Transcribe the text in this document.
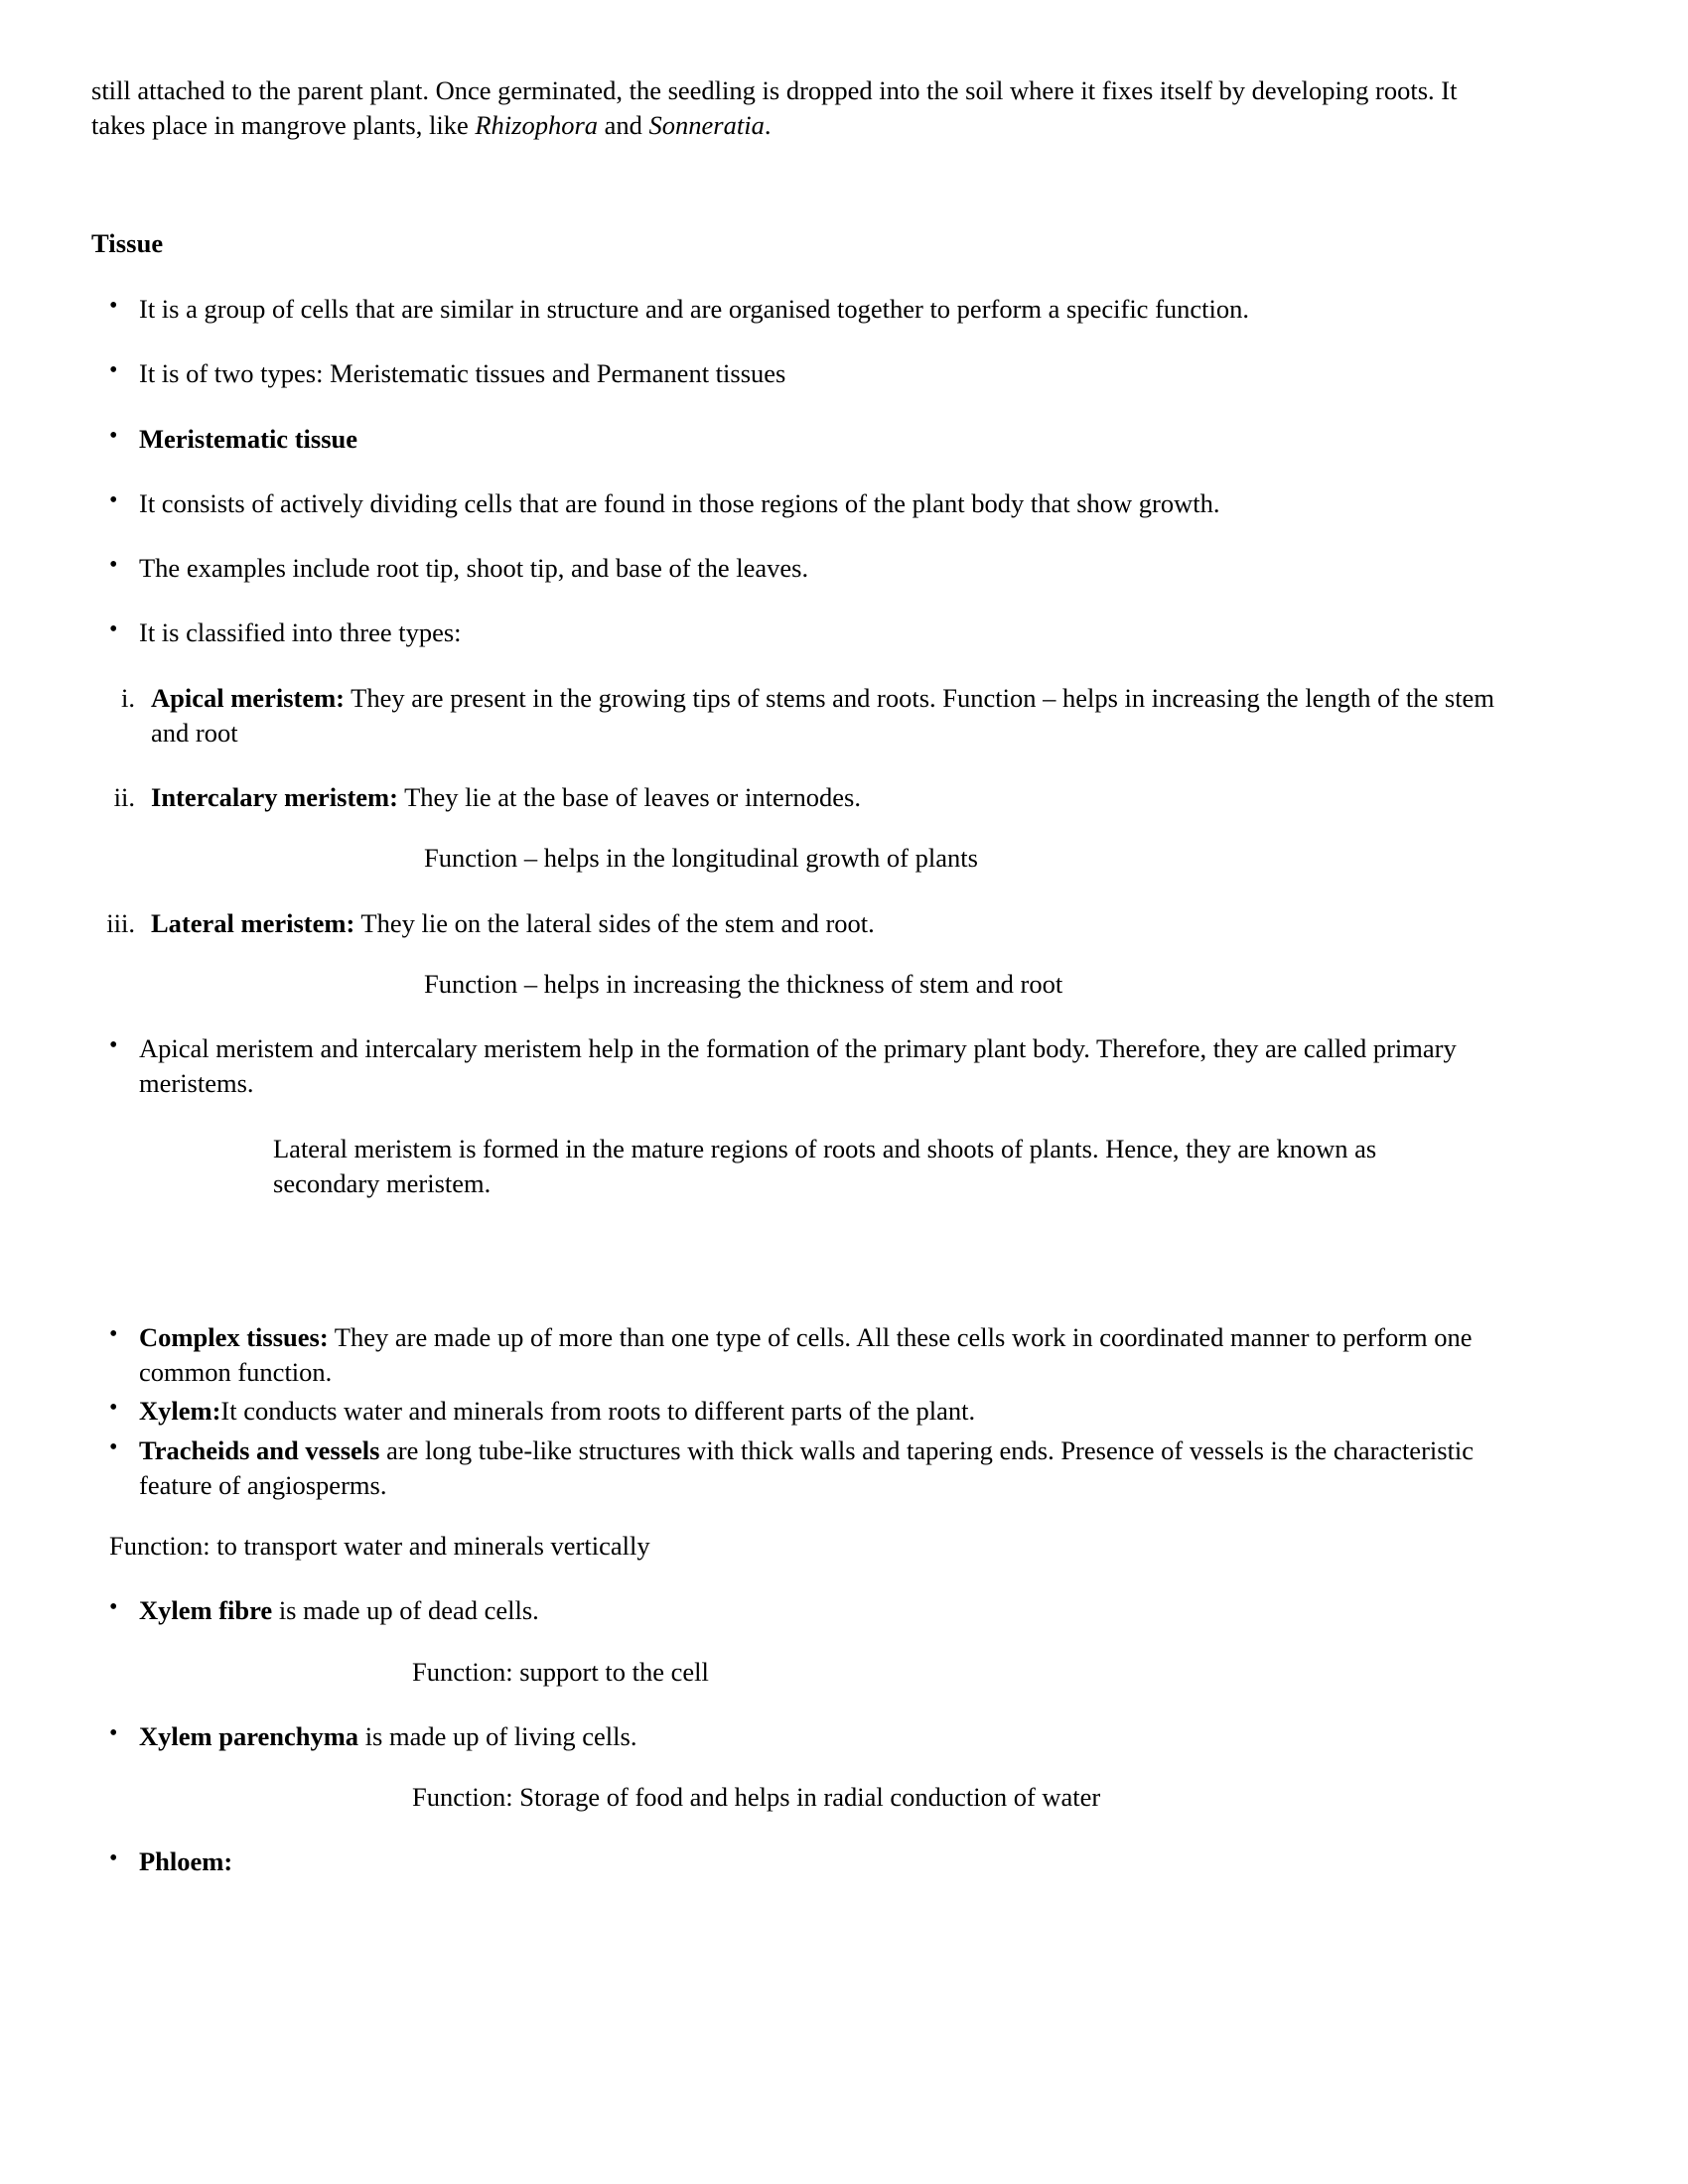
still attached to the parent plant. Once germinated, the seedling is dropped into the soil where it fixes itself by developing roots. It takes place in mangrove plants, like Rhizophora and Sonneratia.

Tissue
• It is a group of cells that are similar in structure and are organised together to perform a specific function.
• It is of two types: Meristematic tissues and Permanent tissues
• Meristematic tissue
• It consists of actively dividing cells that are found in those regions of the plant body that show growth.
• The examples include root tip, shoot tip, and base of the leaves.
• It is classified into three types:
i. Apical meristem: They are present in the growing tips of stems and roots. Function – helps in increasing the length of the stem and root
ii. Intercalary meristem: They lie at the base of leaves or internodes.
Function – helps in the longitudinal growth of plants
iii. Lateral meristem: They lie on the lateral sides of the stem and root.
Function – helps in increasing the thickness of stem and root
• Apical meristem and intercalary meristem help in the formation of the primary plant body. Therefore, they are called primary meristems.
Lateral meristem is formed in the mature regions of roots and shoots of plants. Hence, they are known as secondary meristem.
• Complex tissues: They are made up of more than one type of cells. All these cells work in coordinated manner to perform one common function.
• Xylem:It conducts water and minerals from roots to different parts of the plant.
• Tracheids and vessels are long tube-like structures with thick walls and tapering ends. Presence of vessels is the characteristic feature of angiosperms.
Function: to transport water and minerals vertically
• Xylem fibre is made up of dead cells.
Function: support to the cell
• Xylem parenchyma is made up of living cells.
Function: Storage of food and helps in radial conduction of water
• Phloem:
